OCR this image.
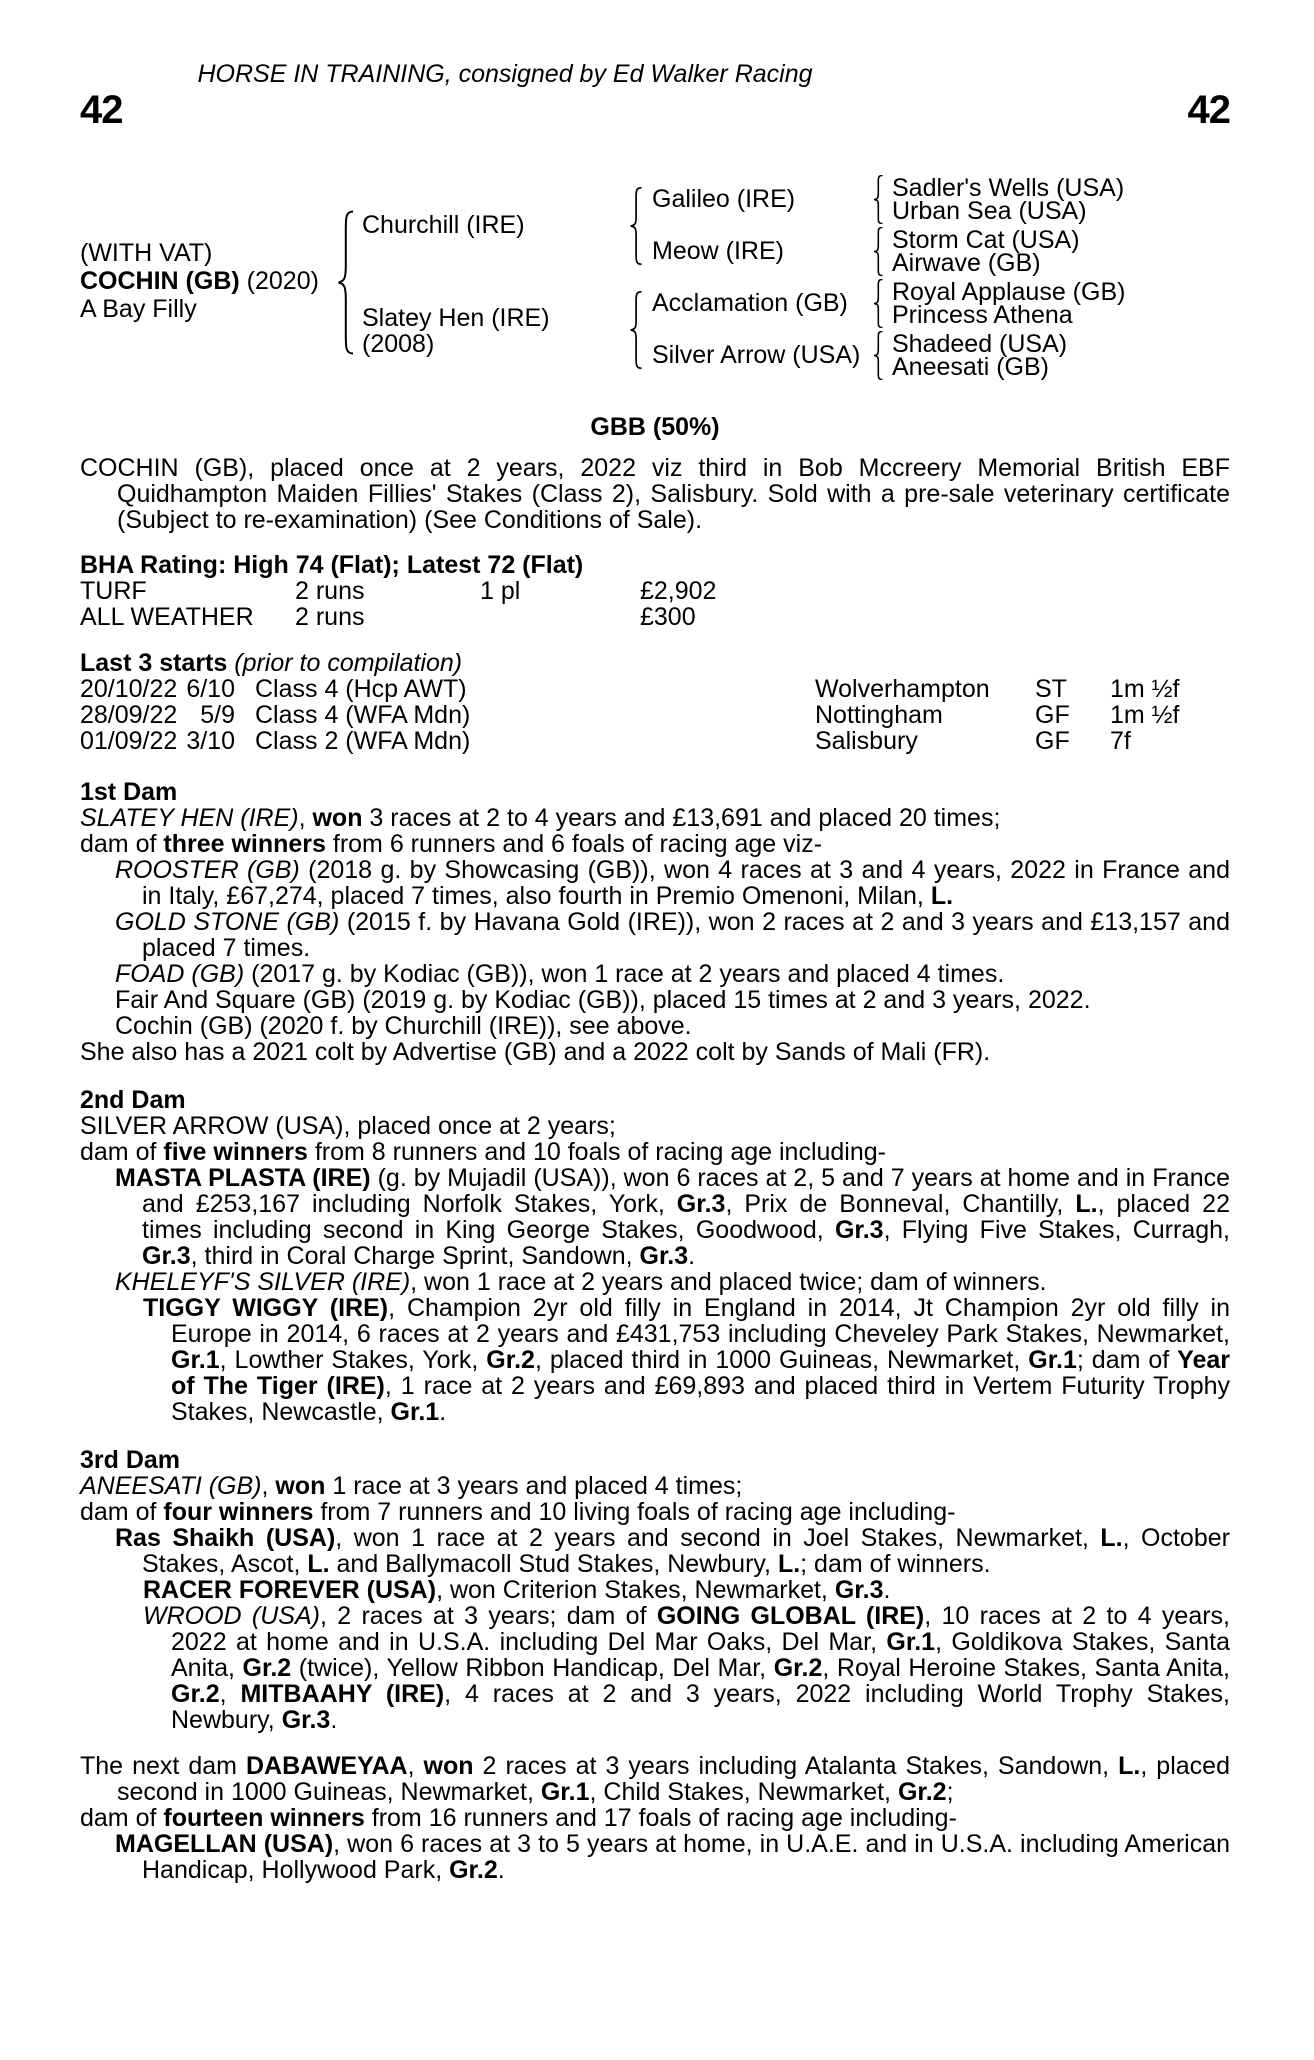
HORSE IN TRAINING, consigned by Ed Walker Racing
42	42
(WITH VAT)
COCHIN (GB) (2020)
A Bay Filly
Churchill (IRE)
Slatey Hen (IRE)
(2008)
Galileo (IRE)
Meow (IRE)
Acclamation (GB)
Silver Arrow (USA)
Sadler's Wells (USA)
Urban Sea (USA)
Storm Cat (USA)
Airwave (GB)
Royal Applause (GB)
Princess Athena
Shadeed (USA)
Aneesati (GB)
GBB (50%)

COCHIN (GB), placed once at 2 years, 2022 viz third in Bob Mccreery Memorial British EBF Quidhampton Maiden Fillies' Stakes (Class 2), Salisbury. Sold with a pre-sale veterinary certificate (Subject to re-examination) (See Conditions of Sale).

BHA Rating: High 74 (Flat); Latest 72 (Flat)
TURF	2 runs	1 pl	£2,902
ALL WEATHER	2 runs	£300
Last 3 starts (prior to compilation)
20/10/22 6/10 Class 4 (Hcp AWT)	Wolverhampton	ST	1m ½f
28/09/22 5/9 Class 4 (WFA Mdn)	Nottingham	GF	1m ½f
01/09/22 3/10 Class 2 (WFA Mdn)	Salisbury	GF	7f

1st Dam

SLATEY HEN (IRE), won 3 races at 2 to 4 years and £13,691 and placed 20 times;

dam of three winners from 6 runners and 6 foals of racing age viz-

ROOSTER (GB) (2018 g. by Showcasing (GB)), won 4 races at 3 and 4 years, 2022 in France and in Italy, £67,274, placed 7 times, also fourth in Premio Omenoni, Milan, L.

GOLD STONE (GB) (2015 f. by Havana Gold (IRE)), won 2 races at 2 and 3 years and £13,157 and placed 7 times.

FOAD (GB) (2017 g. by Kodiac (GB)), won 1 race at 2 years and placed 4 times.

Fair And Square (GB) (2019 g. by Kodiac (GB)), placed 15 times at 2 and 3 years, 2022.

Cochin (GB) (2020 f. by Churchill (IRE)), see above.

She also has a 2021 colt by Advertise (GB) and a 2022 colt by Sands of Mali (FR).

2nd Dam

SILVER ARROW (USA), placed once at 2 years;

dam of five winners from 8 runners and 10 foals of racing age including-

MASTA PLASTA (IRE) (g. by Mujadil (USA)), won 6 races at 2, 5 and 7 years at home and in France and £253,167 including Norfolk Stakes, York, Gr.3, Prix de Bonneval, Chantilly, L., placed 22 times including second in King George Stakes, Goodwood, Gr.3, Flying Five Stakes, Curragh, Gr.3, third in Coral Charge Sprint, Sandown, Gr.3.

KHELEYF'S SILVER (IRE), won 1 race at 2 years and placed twice; dam of winners.

TIGGY WIGGY (IRE), Champion 2yr old filly in England in 2014, Jt Champion 2yr old filly in Europe in 2014, 6 races at 2 years and £431,753 including Cheveley Park Stakes, Newmarket, Gr.1, Lowther Stakes, York, Gr.2, placed third in 1000 Guineas, Newmarket, Gr.1; dam of Year of The Tiger (IRE), 1 race at 2 years and £69,893 and placed third in Vertem Futurity Trophy Stakes, Newcastle, Gr.1.

3rd Dam

ANEESATI (GB), won 1 race at 3 years and placed 4 times;

dam of four winners from 7 runners and 10 living foals of racing age including-

Ras Shaikh (USA), won 1 race at 2 years and second in Joel Stakes, Newmarket, L., October Stakes, Ascot, L. and Ballymacoll Stud Stakes, Newbury, L.; dam of winners.

RACER FOREVER (USA), won Criterion Stakes, Newmarket, Gr.3.

WROOD (USA), 2 races at 3 years; dam of GOING GLOBAL (IRE), 10 races at 2 to 4 years, 2022 at home and in U.S.A. including Del Mar Oaks, Del Mar, Gr.1, Goldikova Stakes, Santa Anita, Gr.2 (twice), Yellow Ribbon Handicap, Del Mar, Gr.2, Royal Heroine Stakes, Santa Anita, Gr.2, MITBAAHY (IRE), 4 races at 2 and 3 years, 2022 including World Trophy Stakes, Newbury, Gr.3.

The next dam DABAWEYAA, won 2 races at 3 years including Atalanta Stakes, Sandown, L., placed second in 1000 Guineas, Newmarket, Gr.1, Child Stakes, Newmarket, Gr.2;

dam of fourteen winners from 16 runners and 17 foals of racing age including-

MAGELLAN (USA), won 6 races at 3 to 5 years at home, in U.A.E. and in U.S.A. including American Handicap, Hollywood Park, Gr.2.
